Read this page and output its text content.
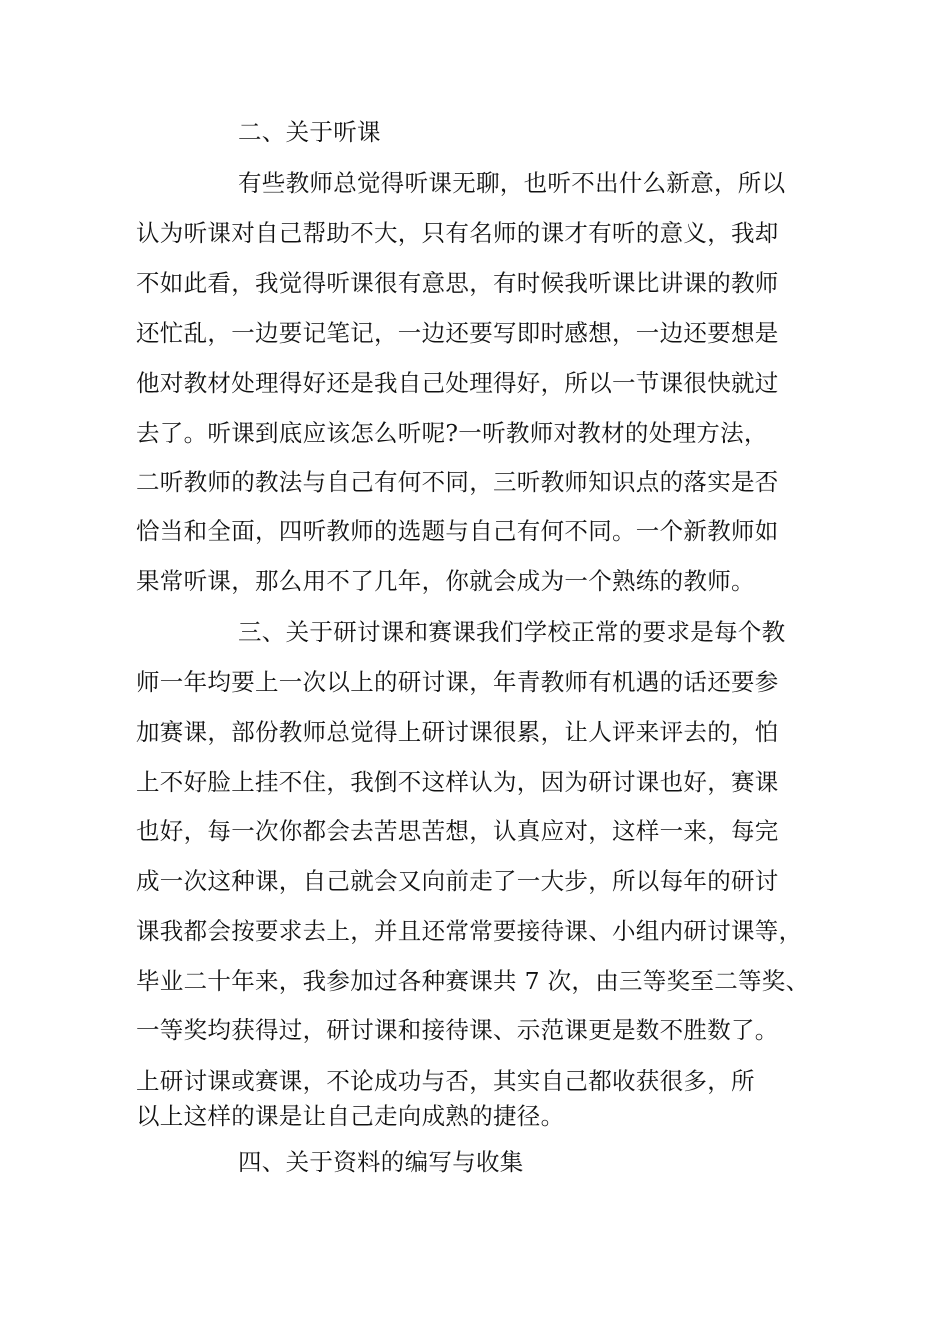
二、关于听课
有些教师总觉得听课无聊，也听不出什么新意，所以
认为听课对自己帮助不大，只有名师的课才有听的意义，我却
不如此看，我觉得听课很有意思，有时候我听课比讲课的教师
还忙乱，一边要记笔记，一边还要写即时感想，一边还要想是
他对教材处理得好还是我自己处理得好，所以一节课很快就过
去了。听课到底应该怎么听呢?一听教师对教材的处理方法，
二听教师的教法与自己有何不同，三听教师知识点的落实是否
恰当和全面，四听教师的选题与自己有何不同。一个新教师如
果常听课，那么用不了几年，你就会成为一个熟练的教师。
三、关于研讨课和赛课我们学校正常的要求是每个教
师一年均要上一次以上的研讨课，年青教师有机遇的话还要参
加赛课，部份教师总觉得上研讨课很累，让人评来评去的，怕
上不好脸上挂不住，我倒不这样认为，因为研讨课也好，赛课
也好，每一次你都会去苦思苦想，认真应对，这样一来，每完
成一次这种课，自己就会又向前走了一大步，所以每年的研讨
课我都会按要求去上，并且还常常要接待课、小组内研讨课等，
毕业二十年来，我参加过各种赛课共 7 次，由三等奖至二等奖、
一等奖均获得过，研讨课和接待课、示范课更是数不胜数了。
上研讨课或赛课，不论成功与否，其实自己都收获很多，所
以上这样的课是让自己走向成熟的捷径。
四、关于资料的编写与收集
